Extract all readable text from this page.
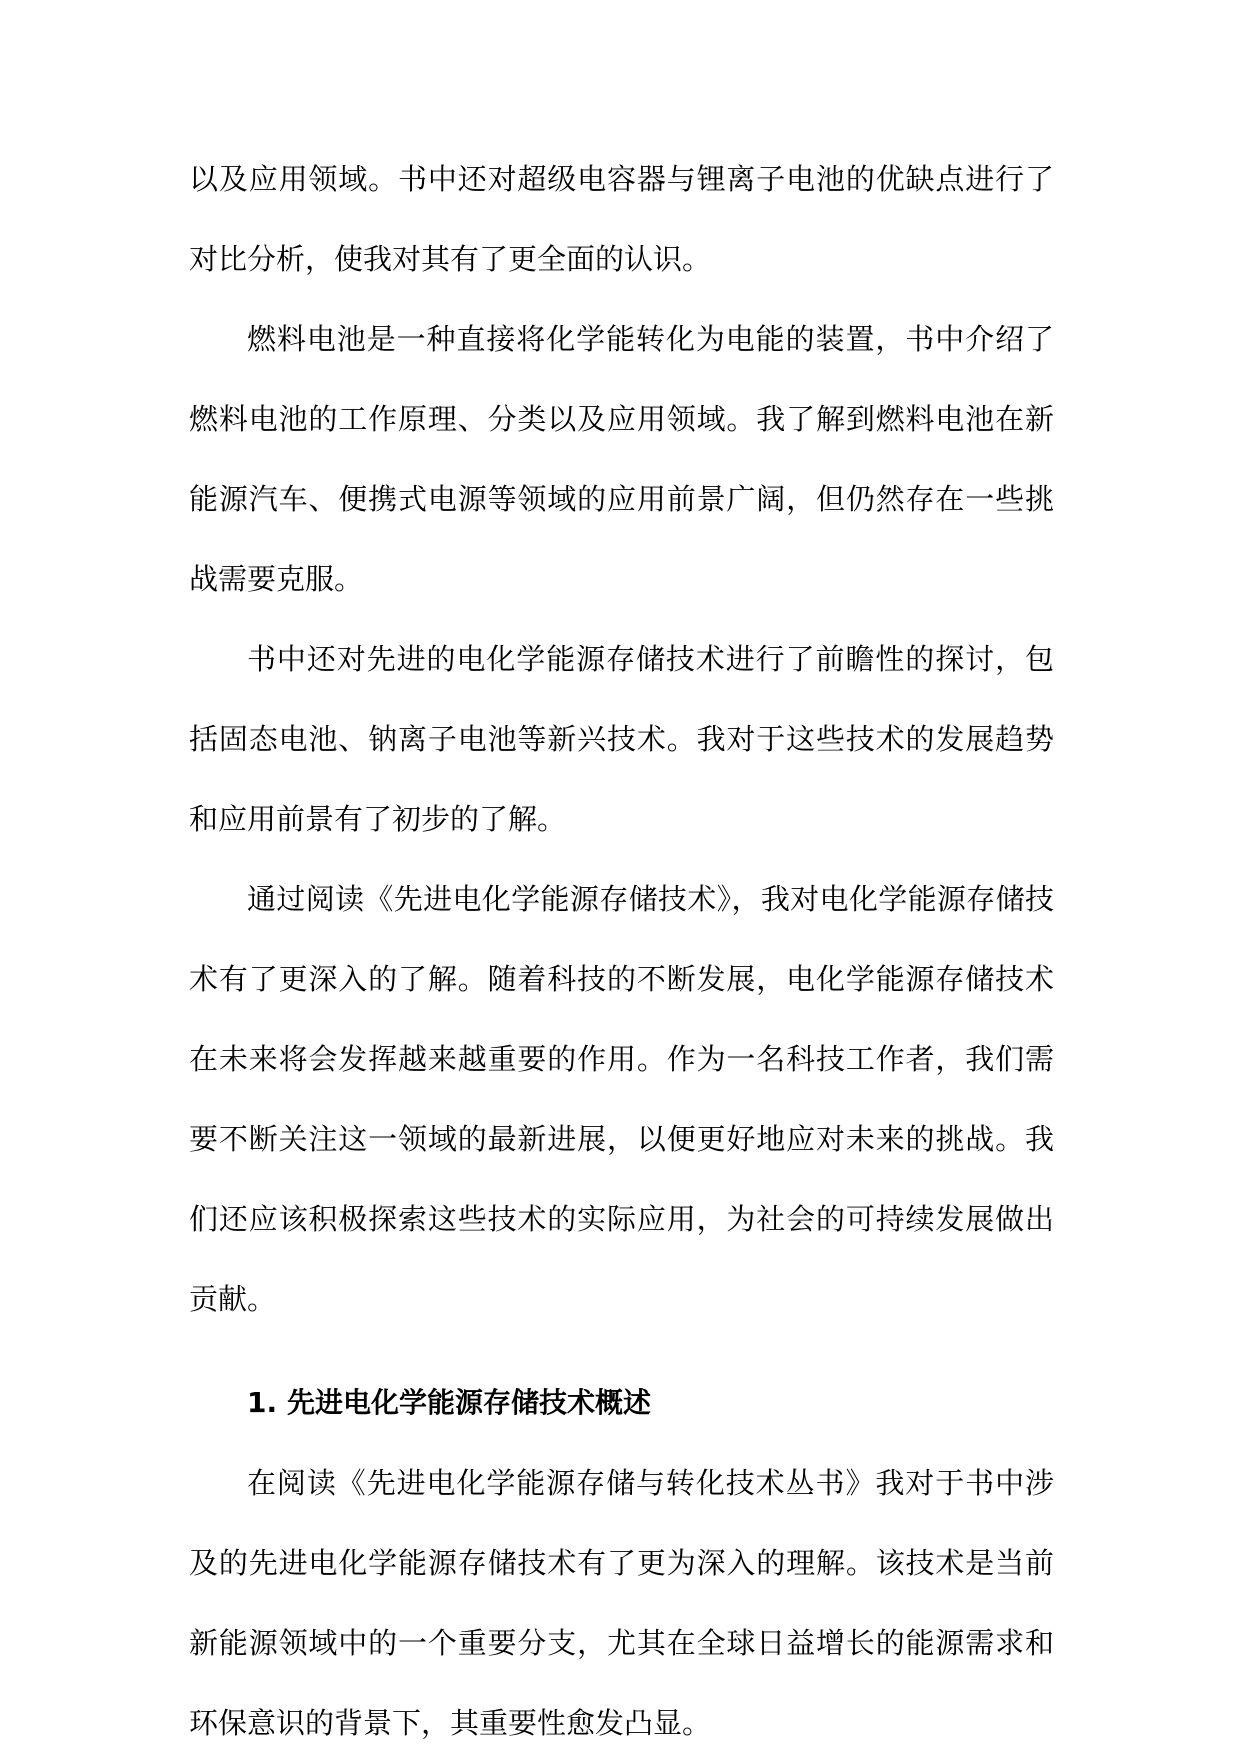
以及应用领域。书中还对超级电容器与锂离子电池的优缺点进行了对比分析，使我对其有了更全面的认识。

燃料电池是一种直接将化学能转化为电能的装置，书中介绍了燃料电池的工作原理、分类以及应用领域。我了解到燃料电池在新能源汽车、便携式电源等领域的应用前景广阔，但仍然存在一些挑战需要克服。

书中还对先进的电化学能源存储技术进行了前瞻性的探讨，包括固态电池、钠离子电池等新兴技术。我对于这些技术的发展趋势和应用前景有了初步的了解。

通过阅读《先进电化学能源存储技术》，我对电化学能源存储技术有了更深入的了解。随着科技的不断发展，电化学能源存储技术在未来将会发挥越来越重要的作用。作为一名科技工作者，我们需要不断关注这一领域的最新进展，以便更好地应对未来的挑战。我们还应该积极探索这些技术的实际应用，为社会的可持续发展做出贡献。

1. 先进电化学能源存储技术概述

在阅读《先进电化学能源存储与转化技术丛书》我对于书中涉及的先进电化学能源存储技术有了更为深入的理解。该技术是当前新能源领域中的一个重要分支，尤其在全球日益增长的能源需求和环保意识的背景下，其重要性愈发凸显。
